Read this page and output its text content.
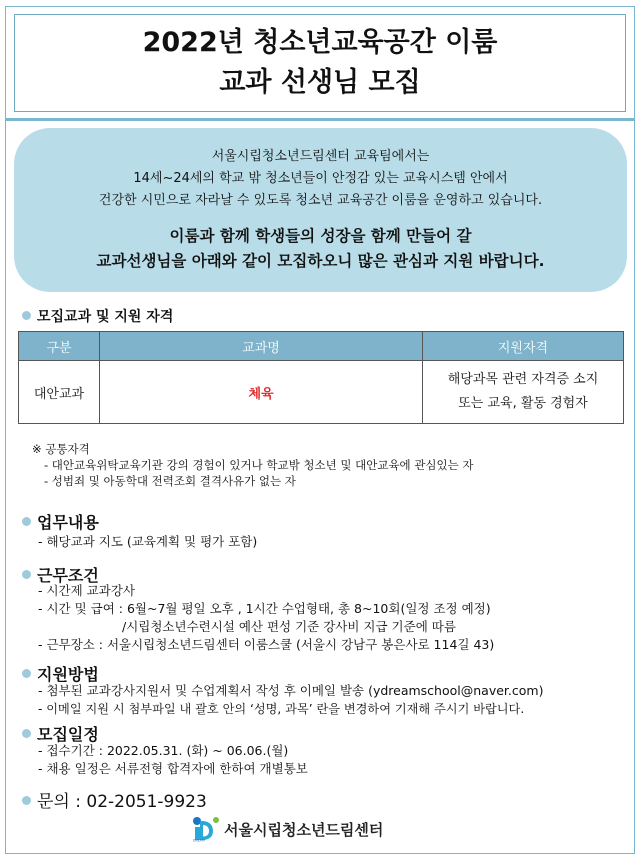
2022년 청소년교육공간 이룸
교과 선생님 모집

서울시립청소년드림센터 교육팀에서는

14세~24세의 학교 밖 청소년들이 안정감 있는 교육시스템 안에서

건강한 시민으로 자라날 수 있도록 청소년 교육공간 이룸을 운영하고 있습니다.

이룸과 함께 학생들의 성장을 함께 만들어 갈

교과선생님을 아래와 같이 모집하오니 많은 관심과 지원 바랍니다.

모집교과 및 지원 자격
구분	교과명	지원자격
대안교과	체육	해당과목 관련 자격증 소지
또는 교육, 활동 경험자
※ 공통자격
- 대안교육위탁교육기관 강의 경험이 있거나 학교밖 청소년 및 대안교육에 관심있는 자
- 성범죄 및 아동학대 전력조회 결격사유가 없는 자
업무내용
- 해당교과 지도 (교육계획 및 평가 포함)
근무조건
- 시간제 교과강사
- 시간 및 급여 : 6월~7월 평일 오후 , 1시간 수업형태, 총 8~10회(일정 조정 예정)
/시립청소년수련시설 예산 편성 기준 강사비 지급 기준에 따름
- 근무장소 : 서울시립청소년드림센터 이룸스쿨 (서울시 강남구 봉은사로 114길 43)
지원방법
- 첨부된 교과강사지원서 및 수업계획서 작성 후 이메일 발송 (ydreamschool@naver.com)
- 이메일 지원 시 첨부파일 내 괄호 안의 ‘성명, 과목’ 란을 변경하여 기재해 주시기 바랍니다.
모집일정
- 접수기간 : 2022.05.31. (화) ~ 06.06.(월)
- 채용 일정은 서류전형 합격자에 한하여 개별통보
문의 : 02-2051-9923
DREAM
서울시립청소년드림센터
